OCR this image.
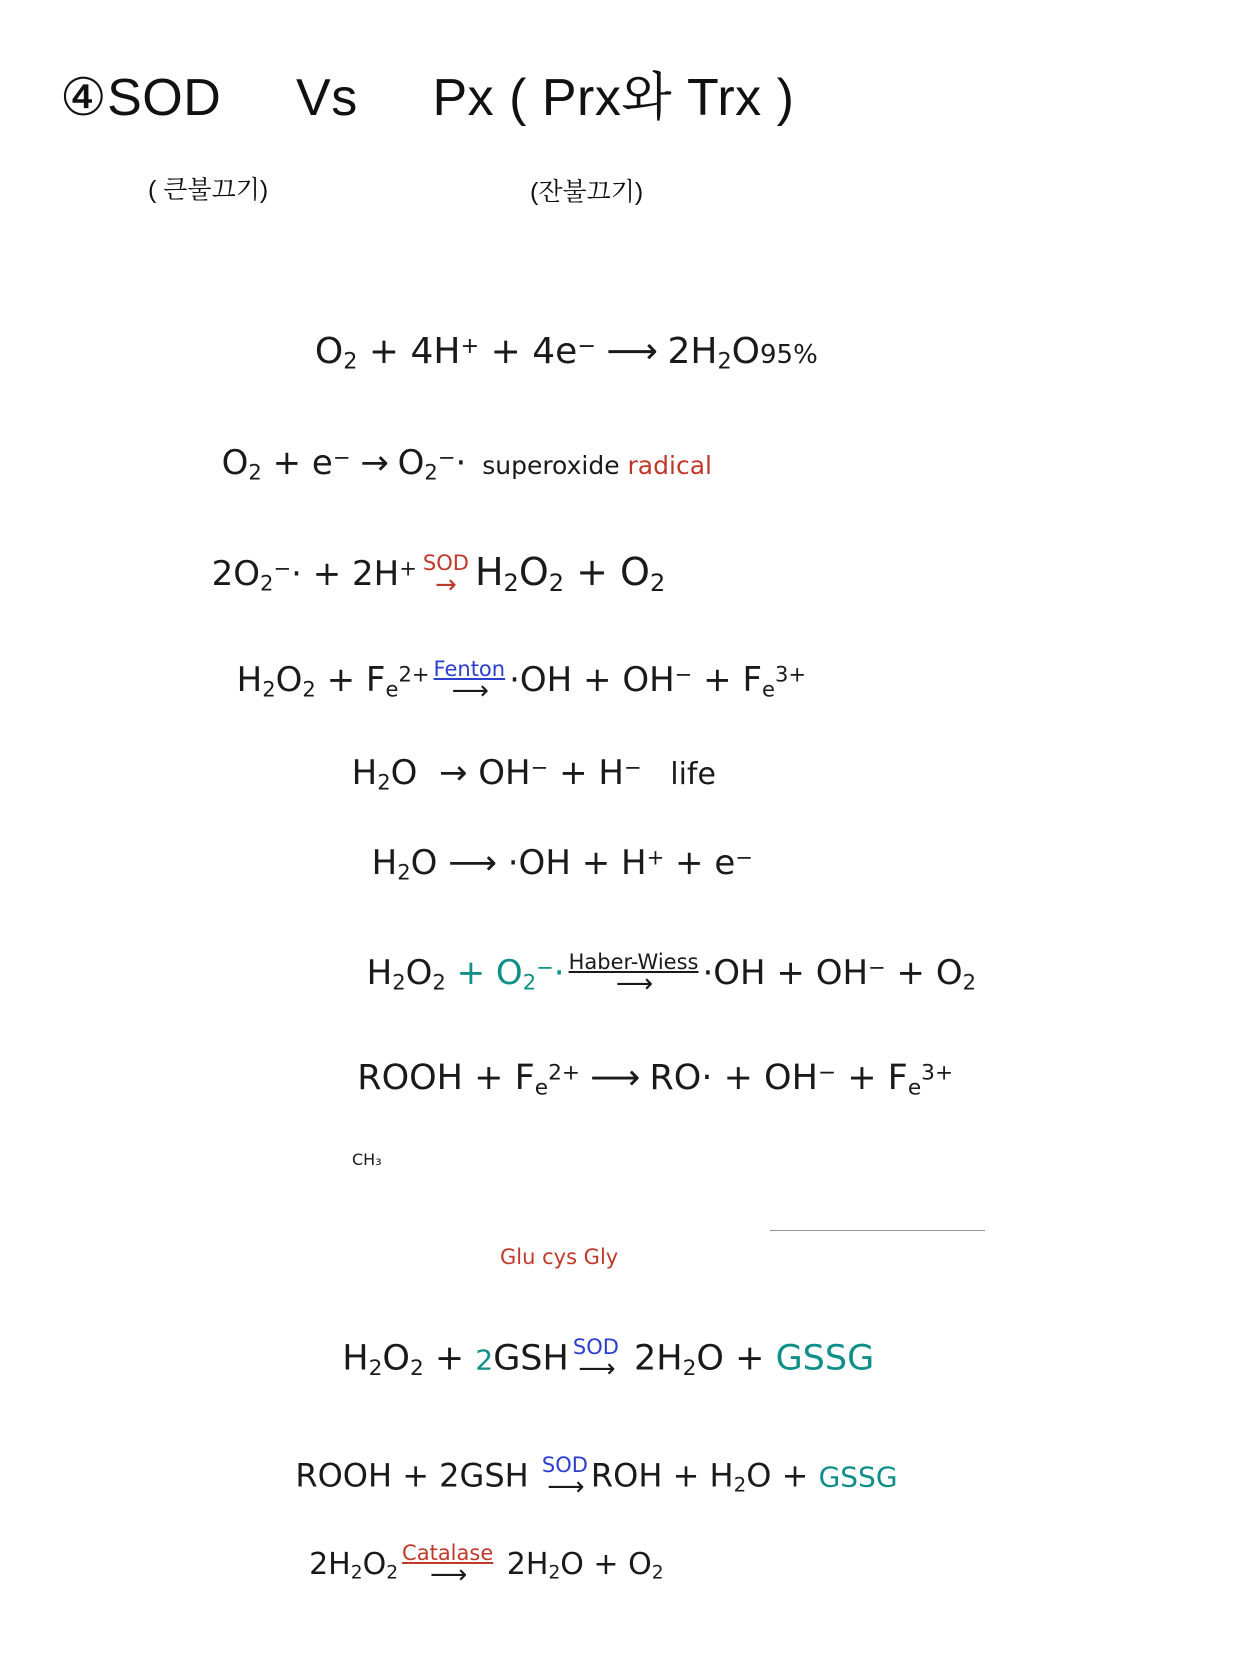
④SOD     Vs     Px ( Prx와 Trx )
( 큰불끄기)	(잔불끄기)

$O_2 + 4H^+ + 4e^-$ ⟶ $2H_2O95\%$

$O_2 + e^- \to O_2^-\cdot$ superoxide radical

$2O_2^-\cdot + 2H^+$ SOD
→ $H_2O_2 + O_2$

$H_2O_2 + F_e^{2+}$ Fenton
⟶ $\cdot OH + OH^- + F_e^{3+}$

$H_2O \to OH^- + H^-$ life

$H_2O$ ⟶ ·OH + H+ + e−

$H_2O_2 + O_2^-\cdot$ Haber-Wiess
⟶	$\cdot OH + OH^- + O_2$

ROOH + $F_e^{2+}$ ⟶ $RO\cdot + OH^- + F_e^{3+}$

CH₃
Glu cys Gly

$H_2O_2 + 2GSH$ SOD
⟶ $2H_2O$ + GSSG

ROOH + 2GSH SOD
⟶ ROH + $H_2O$ + GSSG

$2H_2O_2$
Catalase
⟶	$2H_2O + O_2$
